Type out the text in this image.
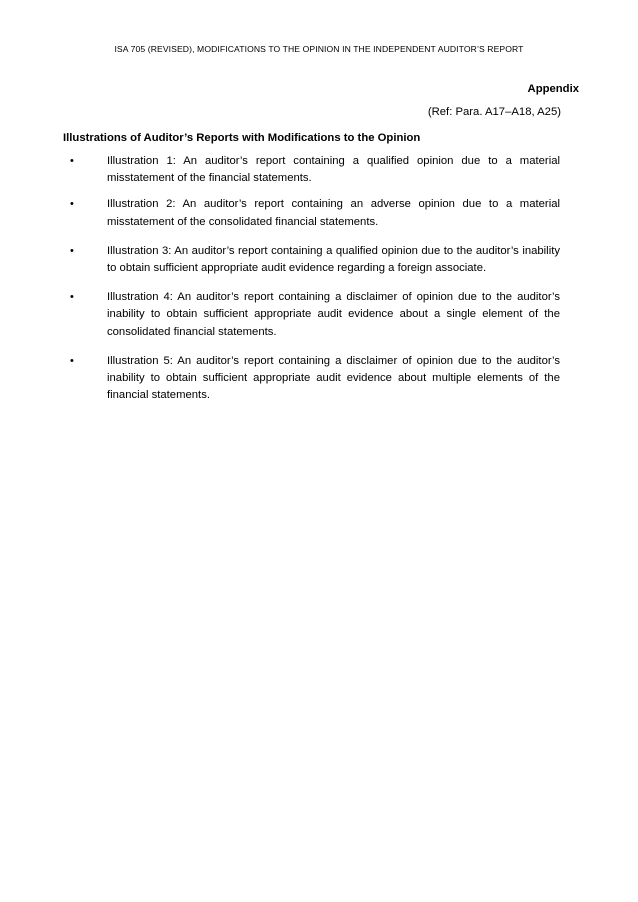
ISA 705 (REVISED), MODIFICATIONS TO THE OPINION IN THE INDEPENDENT AUDITOR’S REPORT
Appendix
(Ref: Para. A17–A18, A25)
Illustrations of Auditor’s Reports with Modifications to the Opinion
•	Illustration 1: An auditor’s report containing a qualified opinion due to a material misstatement of the financial statements.
•	Illustration 2: An auditor’s report containing an adverse opinion due to a material misstatement of the consolidated financial statements.
•	Illustration 3: An auditor’s report containing a qualified opinion due to the auditor’s inability to obtain sufficient appropriate audit evidence regarding a foreign associate.
•	Illustration 4: An auditor’s report containing a disclaimer of opinion due to the auditor’s inability to obtain sufficient appropriate audit evidence about a single element of the consolidated financial statements.
•	Illustration 5: An auditor’s report containing a disclaimer of opinion due to the auditor’s inability to obtain sufficient appropriate audit evidence about multiple elements of the financial statements.
